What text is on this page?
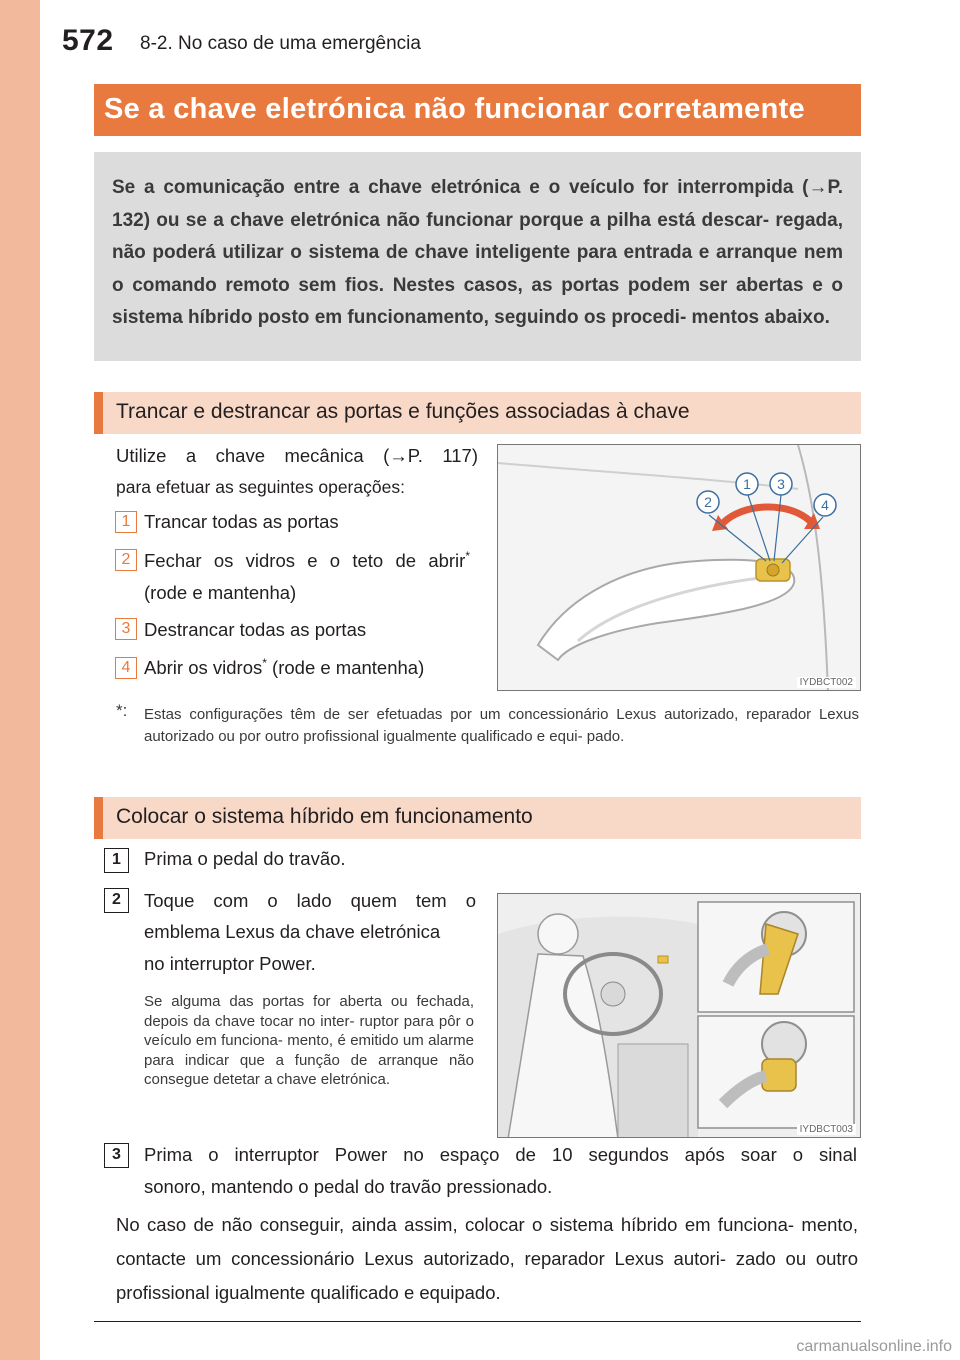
572 8-2. No caso de uma emergência
Se a chave eletrónica não funcionar corretamente

Se a comunicação entre a chave eletrónica e o veículo for interrompida (→P. 132) ou se a chave eletrónica não funcionar porque a pilha está descar- regada, não poderá utilizar o sistema de chave inteligente para entrada e arranque nem o comando remoto sem fios. Nestes casos, as portas podem ser abertas e o sistema híbrido posto em funcionamento, seguindo os procedi- mentos abaixo.

Trancar e destrancar as portas e funções associadas à chave
Utilize a chave mecânica (→P. 117)
para efetuar as seguintes operações:
1 Trancar todas as portas
2 Fechar os vidros e o teto de abrir*
(rode e mantenha)
3 Destrancar todas as portas
4 Abrir os vidros* (rode e mantenha)
1 3
2	4
IYDBCT002
*: Estas configurações têm de ser efetuadas por um concessionário Lexus autorizado, reparador Lexus autorizado ou por outro profissional igualmente qualificado e equi- pado.
Colocar o sistema híbrido em funcionamento
1	Prima o pedal do travão.
2	Toque com o lado quem tem o
emblema Lexus da chave eletrónica
no interruptor Power.
Se alguma das portas for aberta ou fechada, depois da chave tocar no inter- ruptor para pôr o veículo em funciona- mento, é emitido um alarme para indicar que a função de arranque não consegue detetar a chave eletrónica.
IYDBCT003
3	Prima o interruptor Power no espaço de 10 segundos após soar o sinal
sonoro, mantendo o pedal do travão pressionado.
No caso de não conseguir, ainda assim, colocar o sistema híbrido em funciona- mento, contacte um concessionário Lexus autorizado, reparador Lexus autori- zado ou outro profissional igualmente qualificado e equipado.
carmanualsonline.info
